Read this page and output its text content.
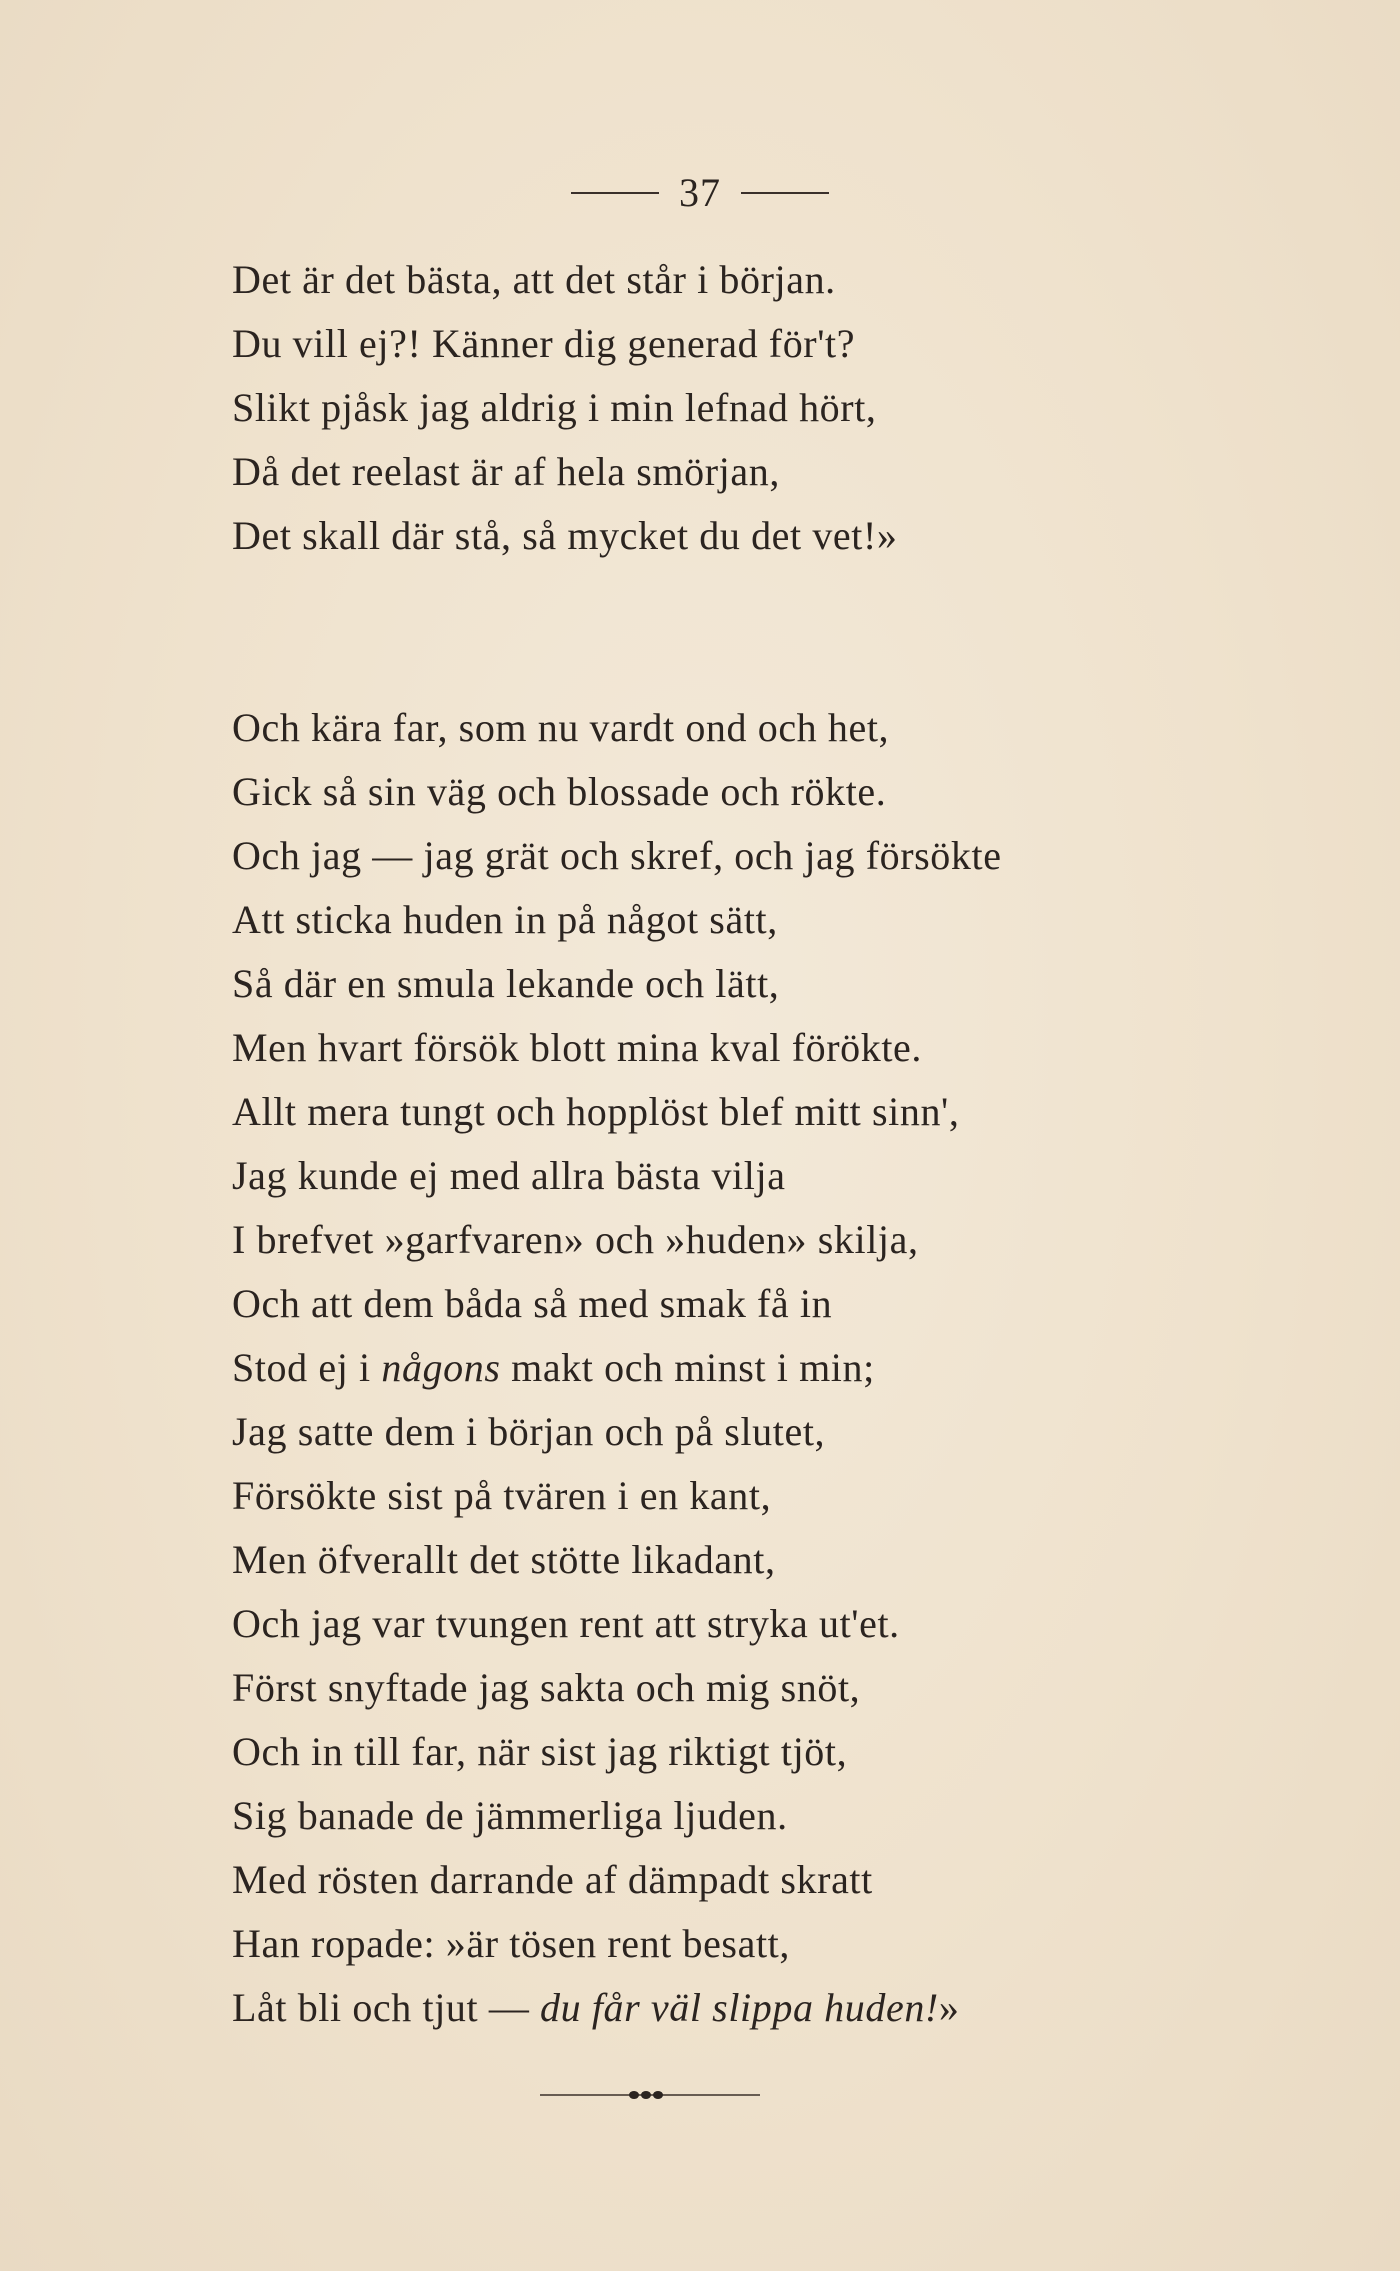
37
Det är det bästa, att det står i början.
Du vill ej?! Känner dig generad för't?
Slikt pjåsk jag aldrig i min lefnad hört,
Då det reelast är af hela smörjan,
Det skall där stå, så mycket du det vet!»
Och kära far, som nu vardt ond och het,
Gick så sin väg och blossade och rökte.
Och jag — jag grät och skref, och jag försökte
Att sticka huden in på något sätt,
Så där en smula lekande och lätt,
Men hvart försök blott mina kval förökte.
Allt mera tungt och hopplöst blef mitt sinn',
Jag kunde ej med allra bästa vilja
I brefvet »garfvaren» och »huden» skilja,
Och att dem båda så med smak få in
Stod ej i någons makt och minst i min;
Jag satte dem i början och på slutet,
Försökte sist på tvären i en kant,
Men öfverallt det stötte likadant,
Och jag var tvungen rent att stryka ut'et.
Först snyftade jag sakta och mig snöt,
Och in till far, när sist jag riktigt tjöt,
Sig banade de jämmerliga ljuden.
Med rösten darrande af dämpadt skratt
Han ropade: »är tösen rent besatt,
Låt bli och tjut — du får väl slippa huden!»
